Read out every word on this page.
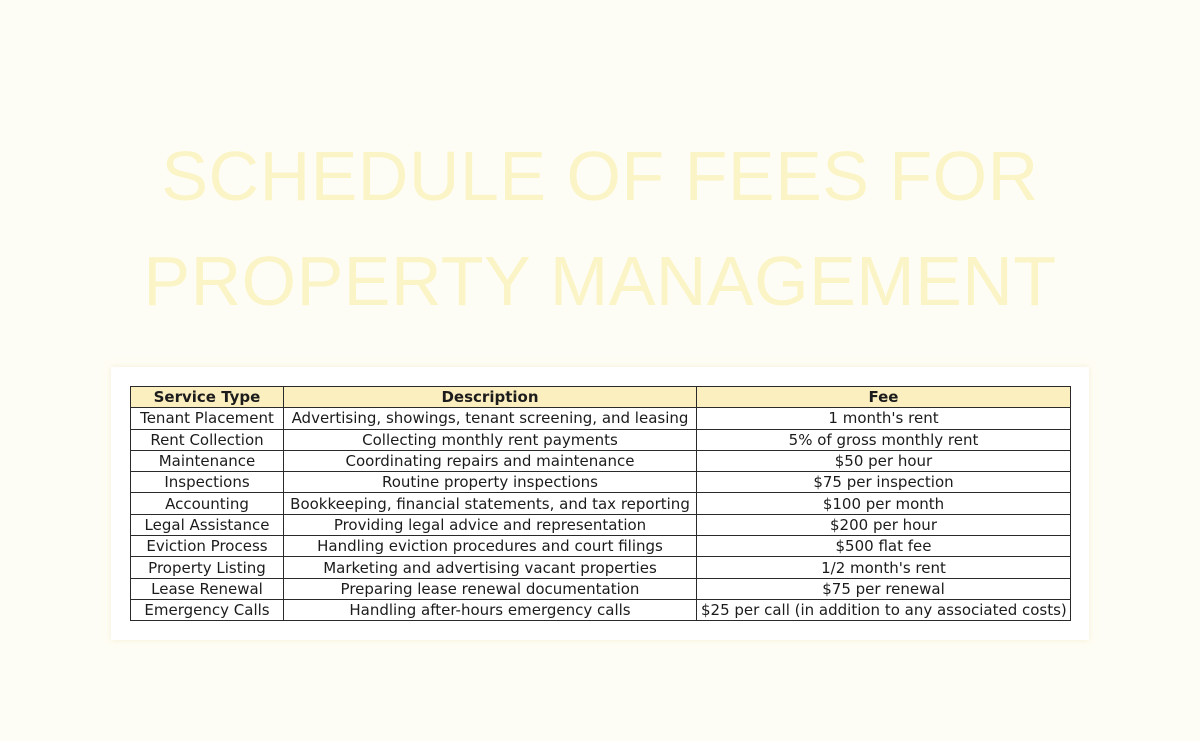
SCHEDULE OF FEES FOR
PROPERTY MANAGEMENT
Service Type	Description	Fee
Tenant Placement	Advertising, showings, tenant screening, and leasing	1 month's rent
Rent Collection	Collecting monthly rent payments	5% of gross monthly rent
Maintenance	Coordinating repairs and maintenance	$50 per hour
Inspections	Routine property inspections	$75 per inspection
Accounting	Bookkeeping, financial statements, and tax reporting	$100 per month
Legal Assistance	Providing legal advice and representation	$200 per hour
Eviction Process	Handling eviction procedures and court filings	$500 flat fee
Property Listing	Marketing and advertising vacant properties	1/2 month's rent
Lease Renewal	Preparing lease renewal documentation	$75 per renewal
Emergency Calls	Handling after-hours emergency calls	$25 per call (in addition to any associated costs)
